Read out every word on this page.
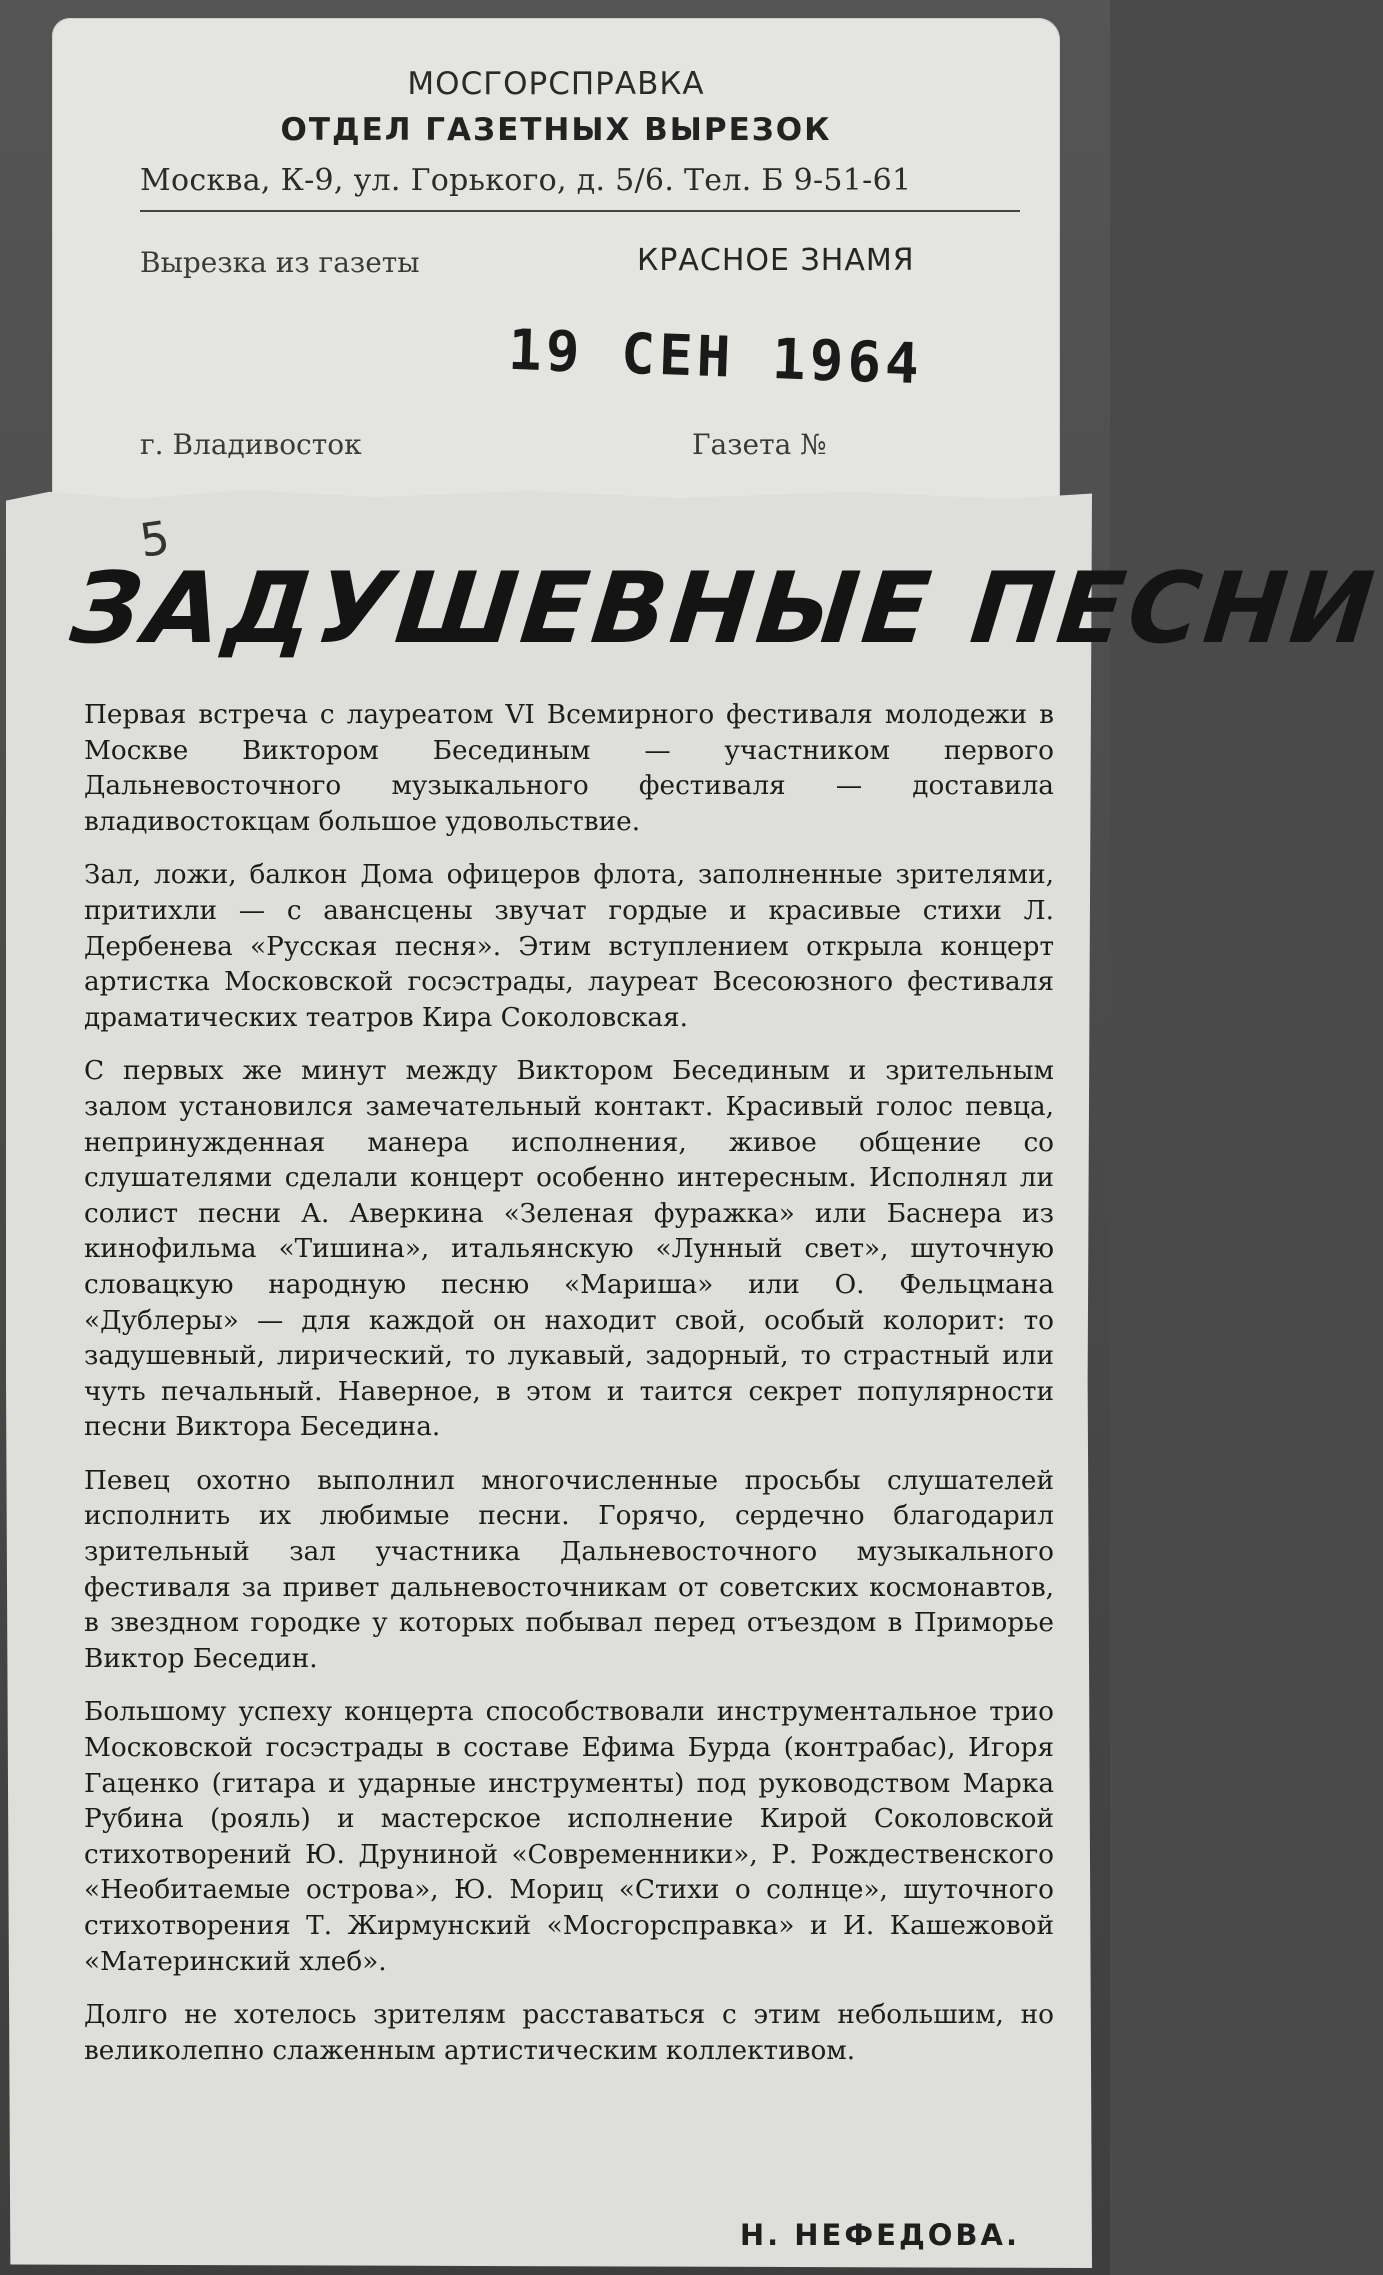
МОСГОРСПРАВКА
ОТДЕЛ ГАЗЕТНЫХ ВЫРЕЗОК

Москва, К-9, ул. Горького, д. 5/6. Тел. Б 9-51-61

Вырезка из газеты	КРАСНОЕ ЗНАМЯ

г. Владивосток	Газета №

19 СЕН 1964

5

ЗАДУШЕВНЫЕ ПЕСНИ

Первая встреча с лауреатом VI Всемирного фестиваля молодежи в Москве Виктором Бесединым — участником первого Дальневосточного музыкального фестиваля — доставила владивостокцам большое удовольствие.

Зал, ложи, балкон Дома офицеров флота, заполненные зрителями, притихли — с авансцены звучат гордые и красивые стихи Л. Дербенева «Русская песня». Этим вступлением открыла концерт артистка Московской госэстрады, лауреат Всесоюзного фестиваля драматических театров Кира Соколовская.

С первых же минут между Виктором Бесединым и зрительным залом установился замечательный контакт. Красивый голос певца, непринужденная манера исполнения, живое общение со слушателями сделали концерт особенно интересным. Исполнял ли солист песни А. Аверкина «Зеленая фуражка» или Баснера из кинофильма «Тишина», итальянскую «Лунный свет», шуточную словацкую народную песню «Мариша» или О. Фельцмана «Дублеры» — для каждой он находит свой, особый колорит: то задушевный, лирический, то лукавый, задорный, то страстный или чуть печальный. Наверное, в этом и таится секрет популярности песни Виктора Беседина.

Певец охотно выполнил многочисленные просьбы слушателей исполнить их любимые песни. Горячо, сердечно благодарил зрительный зал участника Дальневосточного музыкального фестиваля за привет дальневосточникам от советских космонавтов, в звездном городке у которых побывал перед отъездом в Приморье Виктор Беседин.

Большому успеху концерта способствовали инструментальное трио Московской госэстрады в составе Ефима Бурда (контрабас), Игоря Гаценко (гитара и ударные инструменты) под руководством Марка Рубина (рояль) и мастерское исполнение Кирой Соколовской стихотворений Ю. Друниной «Современники», Р. Рождественского «Необитаемые острова», Ю. Мориц «Стихи о солнце», шуточного стихотворения Т. Жирмунский «Мосгорсправка» и И. Кашежовой «Материнский хлеб».

Долго не хотелось зрителям расставаться с этим небольшим, но великолепно слаженным артистическим коллективом.

Н. НЕФЕДОВА.
